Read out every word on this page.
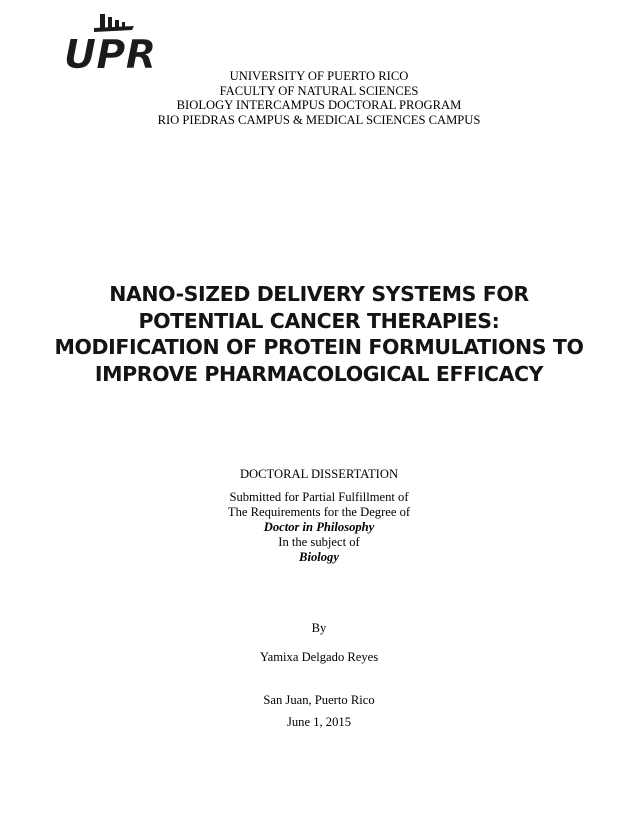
UPR	UNIVERSITY OF PUERTO RICO
FACULTY OF NATURAL SCIENCES
BIOLOGY INTERCAMPUS DOCTORAL PROGRAM
RIO PIEDRAS CAMPUS & MEDICAL SCIENCES CAMPUS
NANO-SIZED DELIVERY SYSTEMS FOR
POTENTIAL CANCER THERAPIES:
MODIFICATION OF PROTEIN FORMULATIONS TO
IMPROVE PHARMACOLOGICAL EFFICACY
DOCTORAL DISSERTATION
Submitted for Partial Fulfillment of
The Requirements for the Degree of
Doctor in Philosophy
In the subject of
Biology
By
Yamixa Delgado Reyes
San Juan, Puerto Rico
June 1, 2015
